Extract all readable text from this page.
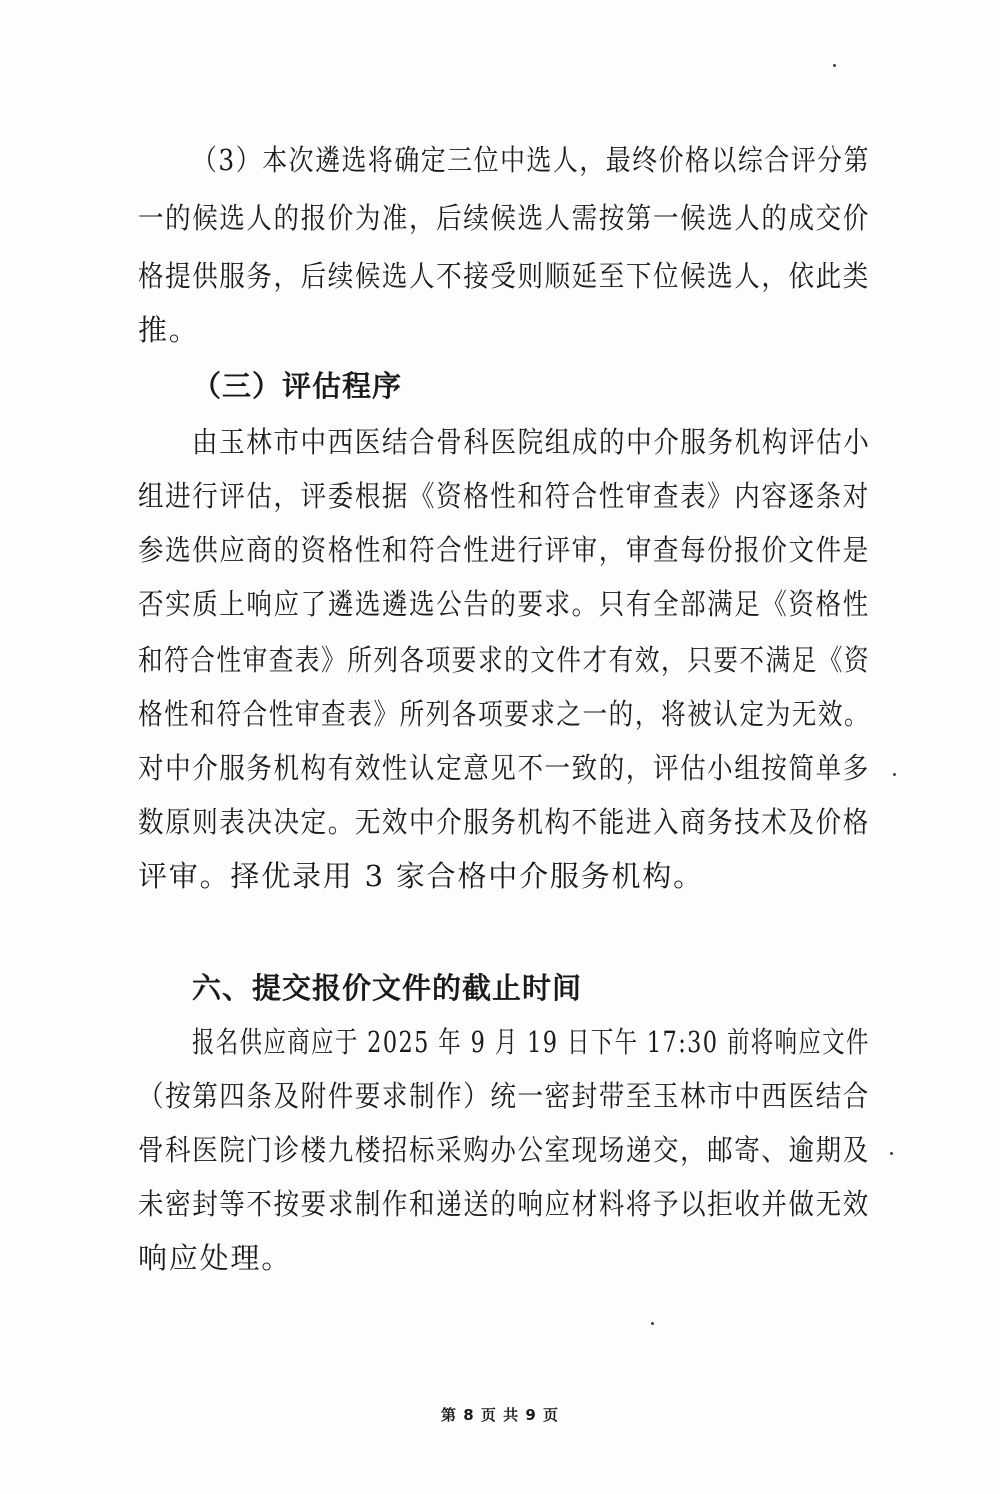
（3）本次遴选将确定三位中选人，最终价格以综合评分第
一的候选人的报价为准，后续候选人需按第一候选人的成交价
格提供服务，后续候选人不接受则顺延至下位候选人，依此类
推。
（三）评估程序
由玉林市中西医结合骨科医院组成的中介服务机构评估小
组进行评估，评委根据《资格性和符合性审查表》内容逐条对
参选供应商的资格性和符合性进行评审，审查每份报价文件是
否实质上响应了遴选遴选公告的要求。只有全部满足《资格性
和符合性审查表》所列各项要求的文件才有效，只要不满足《资
格性和符合性审查表》所列各项要求之一的，将被认定为无效。
对中介服务机构有效性认定意见不一致的，评估小组按简单多
数原则表决决定。无效中介服务机构不能进入商务技术及价格
评审。择优录用 3 家合格中介服务机构。
六、提交报价文件的截止时间
报名供应商应于 2025 年 9 月 19 日下午 17:30 前将响应文件
（按第四条及附件要求制作）统一密封带至玉林市中西医结合
骨科医院门诊楼九楼招标采购办公室现场递交，邮寄、逾期及
未密封等不按要求制作和递送的响应材料将予以拒收并做无效
响应处理。
第 8 页 共 9 页
